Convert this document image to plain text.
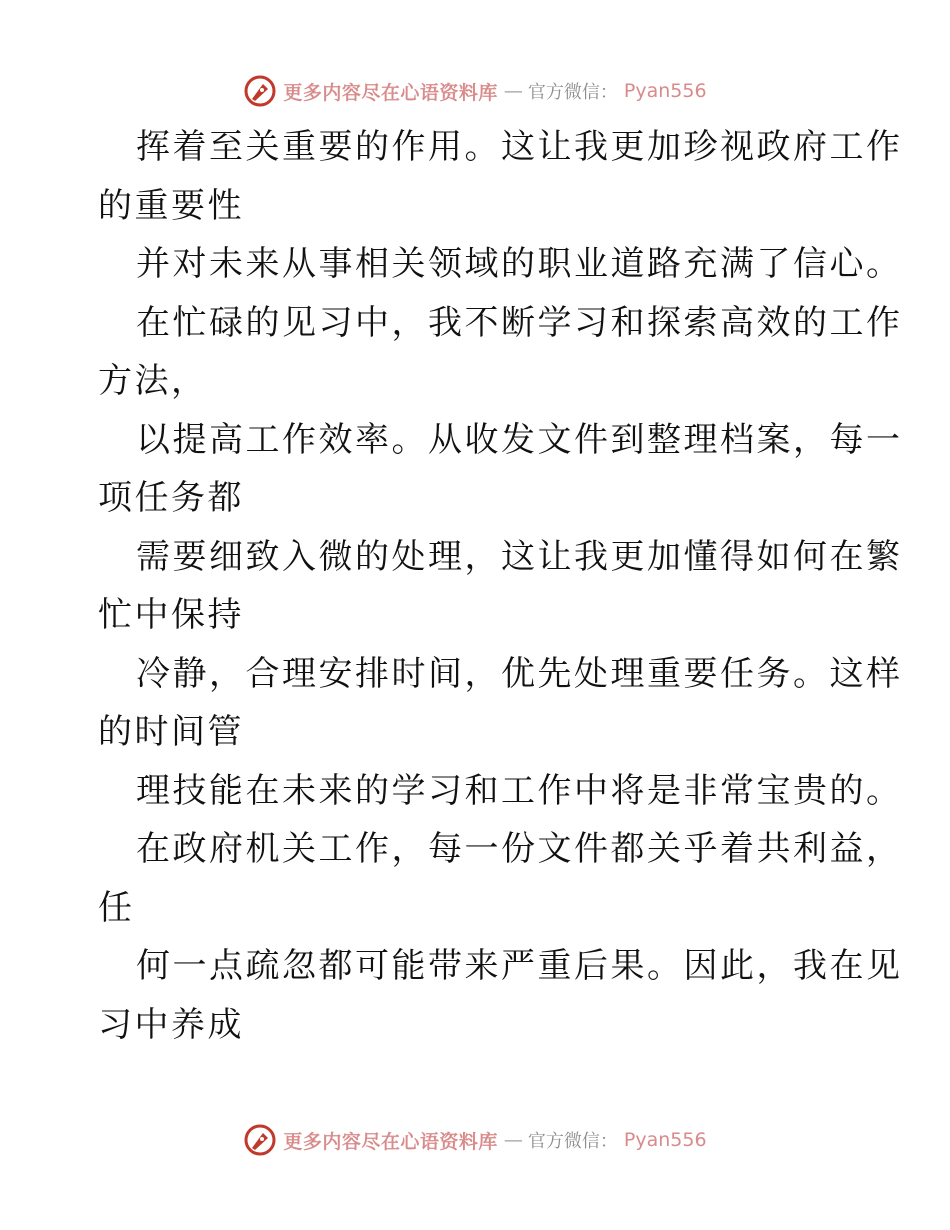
更多内容尽在心语资料库 — 官方微信： Pyan556
挥着至关重要的作用。这让我更加珍视政府工作
的重要性
并对未来从事相关领域的职业道路充满了信心。
在忙碌的见习中，我不断学习和探索高效的工作
方法，
以提高工作效率。从收发文件到整理档案，每一
项任务都
需要细致入微的处理，这让我更加懂得如何在繁
忙中保持
冷静，合理安排时间，优先处理重要任务。这样
的时间管
理技能在未来的学习和工作中将是非常宝贵的。
在政府机关工作，每一份文件都关乎着共利益，
任
何一点疏忽都可能带来严重后果。因此，我在见
习中养成
更多内容尽在心语资料库 — 官方微信： Pyan556
